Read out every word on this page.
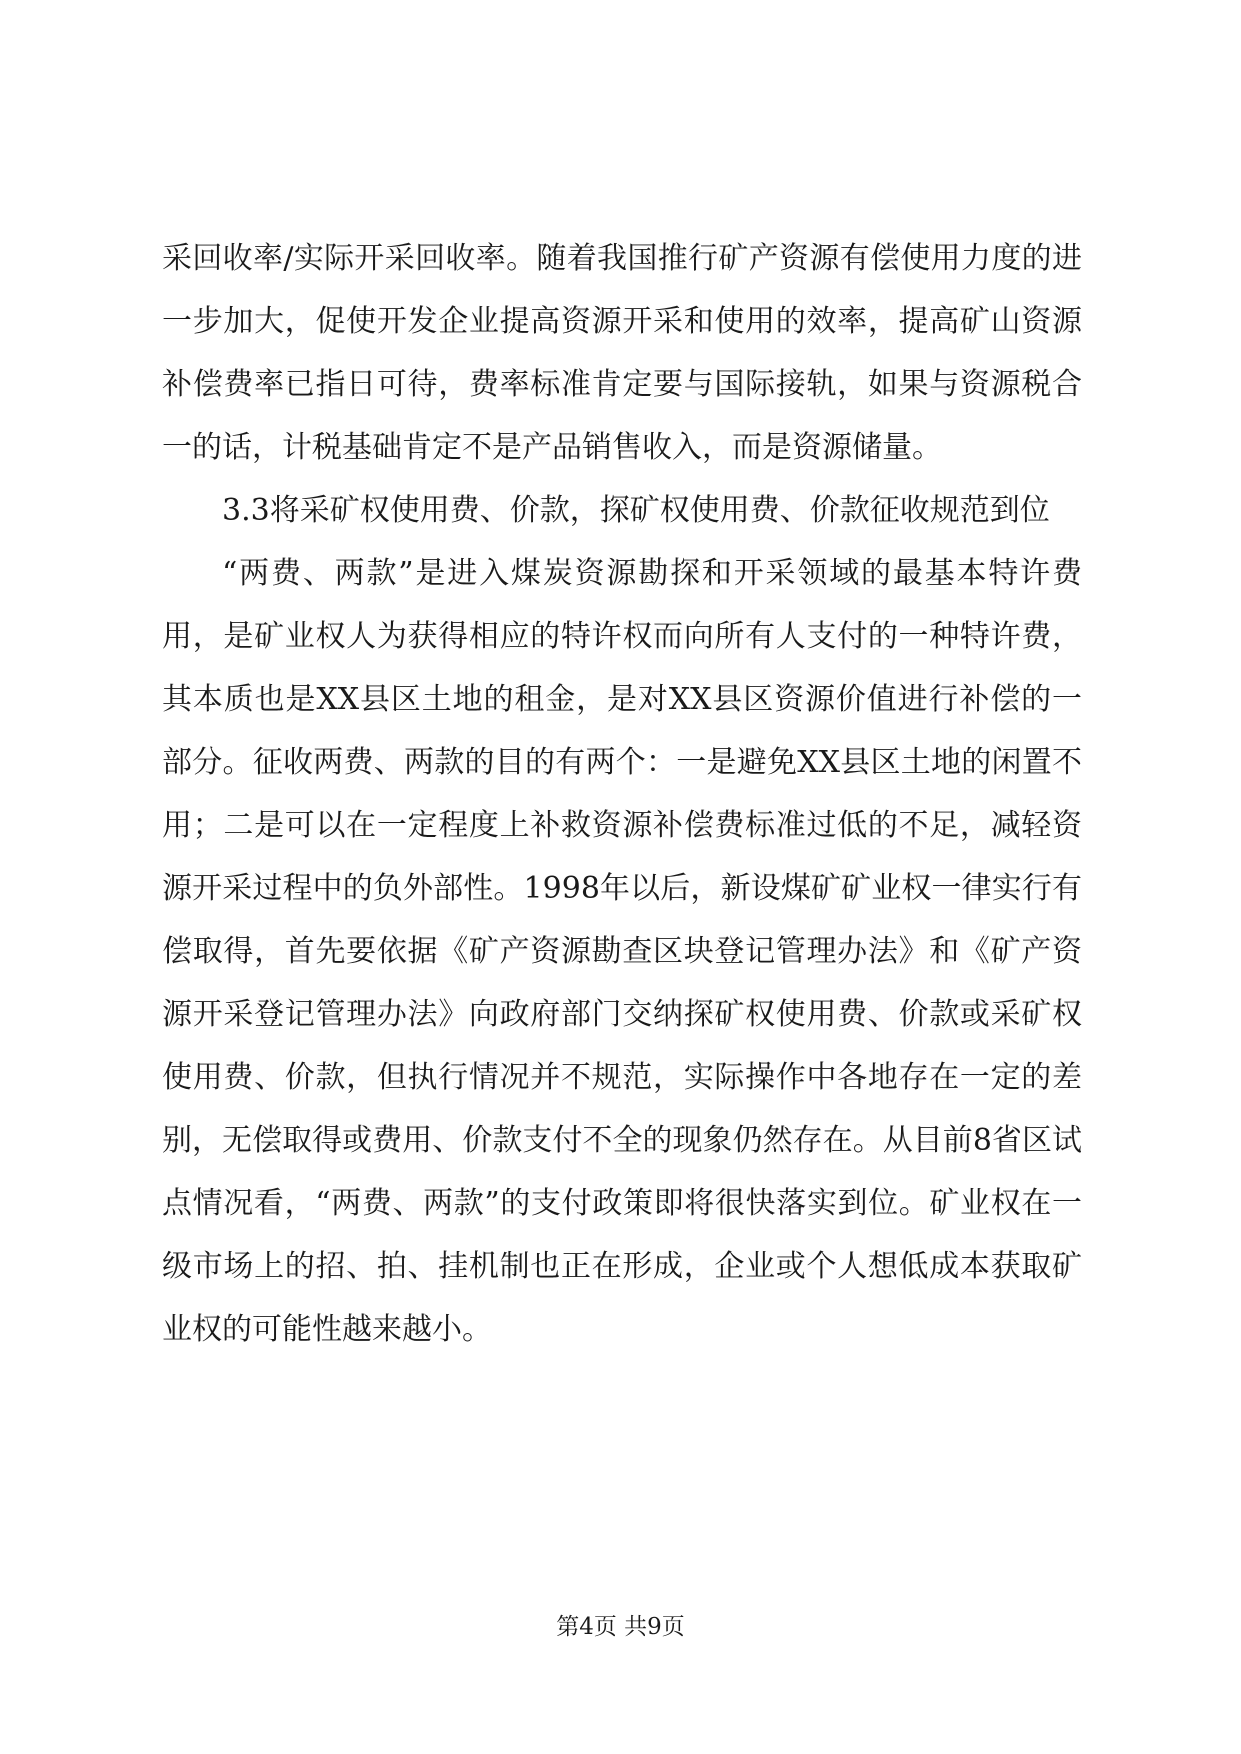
采回收率/实际开采回收率。随着我国推行矿产资源有偿使用力度的进一步加大，促使开发企业提高资源开采和使用的效率，提高矿山资源补偿费率已指日可待，费率标准肯定要与国际接轨，如果与资源税合一的话，计税基础肯定不是产品销售收入，而是资源储量。

3.3将采矿权使用费、价款，探矿权使用费、价款征收规范到位

“两费、两款”是进入煤炭资源勘探和开采领域的最基本特许费用，是矿业权人为获得相应的特许权而向所有人支付的一种特许费，其本质也是XX县区土地的租金，是对XX县区资源价值进行补偿的一部分。征收两费、两款的目的有两个：一是避免XX县区土地的闲置不用；二是可以在一定程度上补救资源补偿费标准过低的不足，减轻资源开采过程中的负外部性。1998年以后，新设煤矿矿业权一律实行有偿取得，首先要依据《矿产资源勘查区块登记管理办法》和《矿产资源开采登记管理办法》向政府部门交纳探矿权使用费、价款或采矿权使用费、价款，但执行情况并不规范，实际操作中各地存在一定的差别，无偿取得或费用、价款支付不全的现象仍然存在。从目前8省区试点情况看，“两费、两款”的支付政策即将很快落实到位。矿业权在一级市场上的招、拍、挂机制也正在形成，企业或个人想低成本获取矿业权的可能性越来越小。

第4页 共9页
